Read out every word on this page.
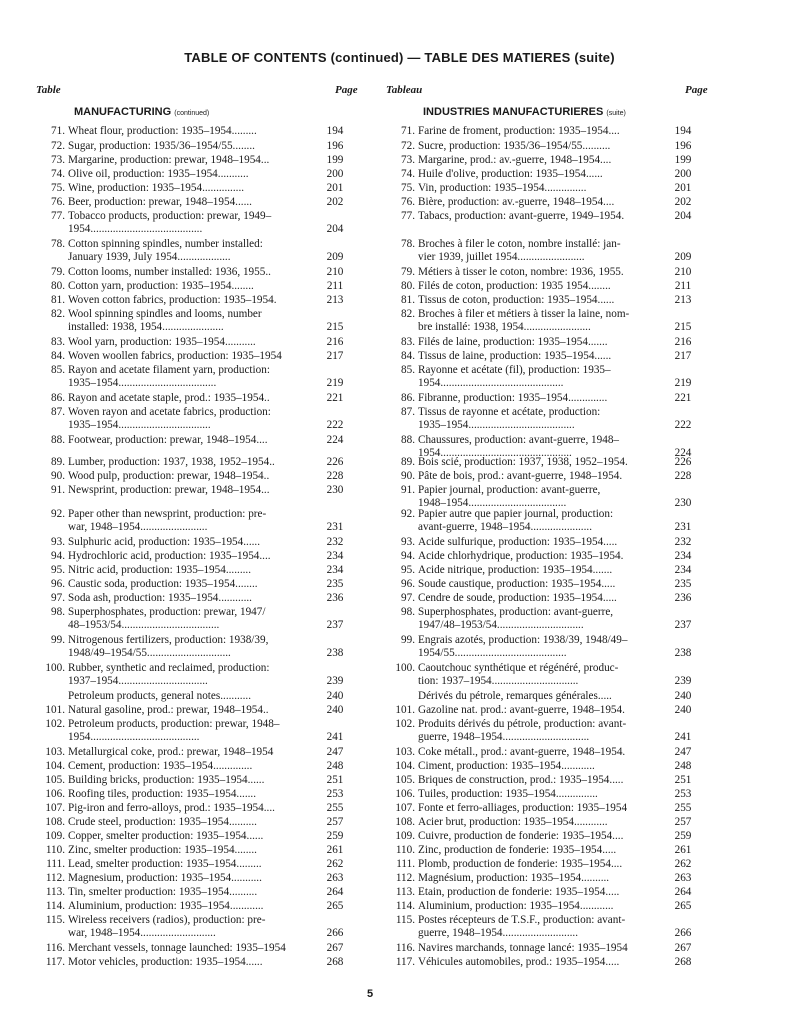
TABLE OF CONTENTS (continued) — TABLE DES MATIERES (suite)
Table	Page	Tableau	Page
MANUFACTURING (continued)	INDUSTRIES MANUFACTURIERES (suite)
71. Wheat flour, production: 1935–1954.........	194
72. Sugar, production: 1935/36–1954/55........	196
73. Margarine, production: prewar, 1948–1954...	199
74. Olive oil, production: 1935–1954...........	200
75. Wine, production: 1935–1954...............	201
76. Beer, production: prewar, 1948–1954......	202
77. Tobacco products, production: prewar, 1949–
1954........................................	204
78. Cotton spinning spindles, number installed:
January 1939, July 1954...................	209
79. Cotton looms, number installed: 1936, 1955..	210
80. Cotton yarn, production: 1935–1954........	211
81. Woven cotton fabrics, production: 1935–1954.	213
82. Wool spinning spindles and looms, number
installed: 1938, 1954......................	215
83. Wool yarn, production: 1935–1954...........	216
84. Woven woollen fabrics, production: 1935–1954	217
85. Rayon and acetate filament yarn, production:
1935–1954...................................	219
86. Rayon and acetate staple, prod.: 1935–1954..	221
87. Woven rayon and acetate fabrics, production:
1935–1954.................................	222
88. Footwear, production: prewar, 1948–1954....	224
89. Lumber, production: 1937, 1938, 1952–1954..	226
90. Wood pulp, production: prewar, 1948–1954..	228
91. Newsprint, production: prewar, 1948–1954...	230
92. Paper other than newsprint, production: pre-
war, 1948–1954........................	231
93. Sulphuric acid, production: 1935–1954......	232
94. Hydrochloric acid, production: 1935–1954....	234
95. Nitric acid, production: 1935–1954.........	234
96. Caustic soda, production: 1935–1954........	235
97. Soda ash, production: 1935–1954............	236
98. Superphosphates, production: prewar, 1947/
48–1953/54...................................	237
99. Nitrogenous fertilizers, production: 1938/39,
1948/49–1954/55..............................	238
100. Rubber, synthetic and reclaimed, production:
1937–1954................................	239
Petroleum products, general notes...........	240
101. Natural gasoline, prod.: prewar, 1948–1954..	240
102. Petroleum products, production: prewar, 1948–
1954.......................................	241
103. Metallurgical coke, prod.: prewar, 1948–1954	247
104. Cement, production: 1935–1954..............	248
105. Building bricks, production: 1935–1954......	251
106. Roofing tiles, production: 1935–1954.......	253
107. Pig-iron and ferro-alloys, prod.: 1935–1954....	255
108. Crude steel, production: 1935–1954..........	257
109. Copper, smelter production: 1935–1954......	259
110. Zinc, smelter production: 1935–1954........	261
111. Lead, smelter production: 1935–1954.........	262
112. Magnesium, production: 1935–1954...........	263
113. Tin, smelter production: 1935–1954..........	264
114. Aluminium, production: 1935–1954............	265
115. Wireless receivers (radios), production: pre-
war, 1948–1954...........................	266
116. Merchant vessels, tonnage launched: 1935–1954	267
117. Motor vehicles, production: 1935–1954......	268
71. Farine de froment, production: 1935–1954....	194
72. Sucre, production: 1935/36–1954/55..........	196
73. Margarine, prod.: av.-guerre, 1948–1954....	199
74. Huile d'olive, production: 1935–1954......	200
75. Vin, production: 1935–1954...............	201
76. Bière, production: av.-guerre, 1948–1954....	202
77. Tabacs, production: avant-guerre, 1949–1954.	204
78. Broches à filer le coton, nombre installé: jan-
vier 1939, juillet 1954........................	209
79. Métiers à tisser le coton, nombre: 1936, 1955.	210
80. Filés de coton, production: 1935 1954........	211
81. Tissus de coton, production: 1935–1954......	213
82. Broches à filer et métiers à tisser la laine, nom-
bre installé: 1938, 1954........................	215
83. Filés de laine, production: 1935–1954.......	216
84. Tissus de laine, production: 1935–1954......	217
85. Rayonne et acétate (fil), production: 1935–
1954............................................	219
86. Fibranne, production: 1935–1954..............	221
87. Tissus de rayonne et acétate, production:
1935–1954......................................	222
88. Chaussures, production: avant-guerre, 1948–
1954...............................................	224
89. Bois scié, production: 1937, 1938, 1952–1954.	226
90. Pâte de bois, prod.: avant-guerre, 1948–1954.	228
91. Papier journal, production: avant-guerre,
1948–1954...................................	230
92. Papier autre que papier journal, production:
avant-guerre, 1948–1954......................	231
93. Acide sulfurique, production: 1935–1954.....	232
94. Acide chlorhydrique, production: 1935–1954.	234
95. Acide nitrique, production: 1935–1954.......	234
96. Soude caustique, production: 1935–1954.....	235
97. Cendre de soude, production: 1935–1954.....	236
98. Superphosphates, production: avant-guerre,
1947/48–1953/54...............................	237
99. Engrais azotés, production: 1938/39, 1948/49–
1954/55........................................	238
100. Caoutchouc synthétique et régénéré, produc-
tion: 1937–1954...............................	239
Dérivés du pétrole, remarques générales.....	240
101. Gazoline nat. prod.: avant-guerre, 1948–1954.	240
102. Produits dérivés du pétrole, production: avant-
guerre, 1948–1954...............................	241
103. Coke métall., prod.: avant-guerre, 1948–1954.	247
104. Ciment, production: 1935–1954............	248
105. Briques de construction, prod.: 1935–1954.....	251
106. Tuiles, production: 1935–1954...............	253
107. Fonte et ferro-alliages, production: 1935–1954	255
108. Acier brut, production: 1935–1954............	257
109. Cuivre, production de fonderie: 1935–1954....	259
110. Zinc, production de fonderie: 1935–1954.....	261
111. Plomb, production de fonderie: 1935–1954....	262
112. Magnésium, production: 1935–1954..........	263
113. Etain, production de fonderie: 1935–1954.....	264
114. Aluminium, production: 1935–1954............	265
115. Postes récepteurs de T.S.F., production: avant-
guerre, 1948–1954...........................	266
116. Navires marchands, tonnage lancé: 1935–1954	267
117. Véhicules automobiles, prod.: 1935–1954.....	268
5
